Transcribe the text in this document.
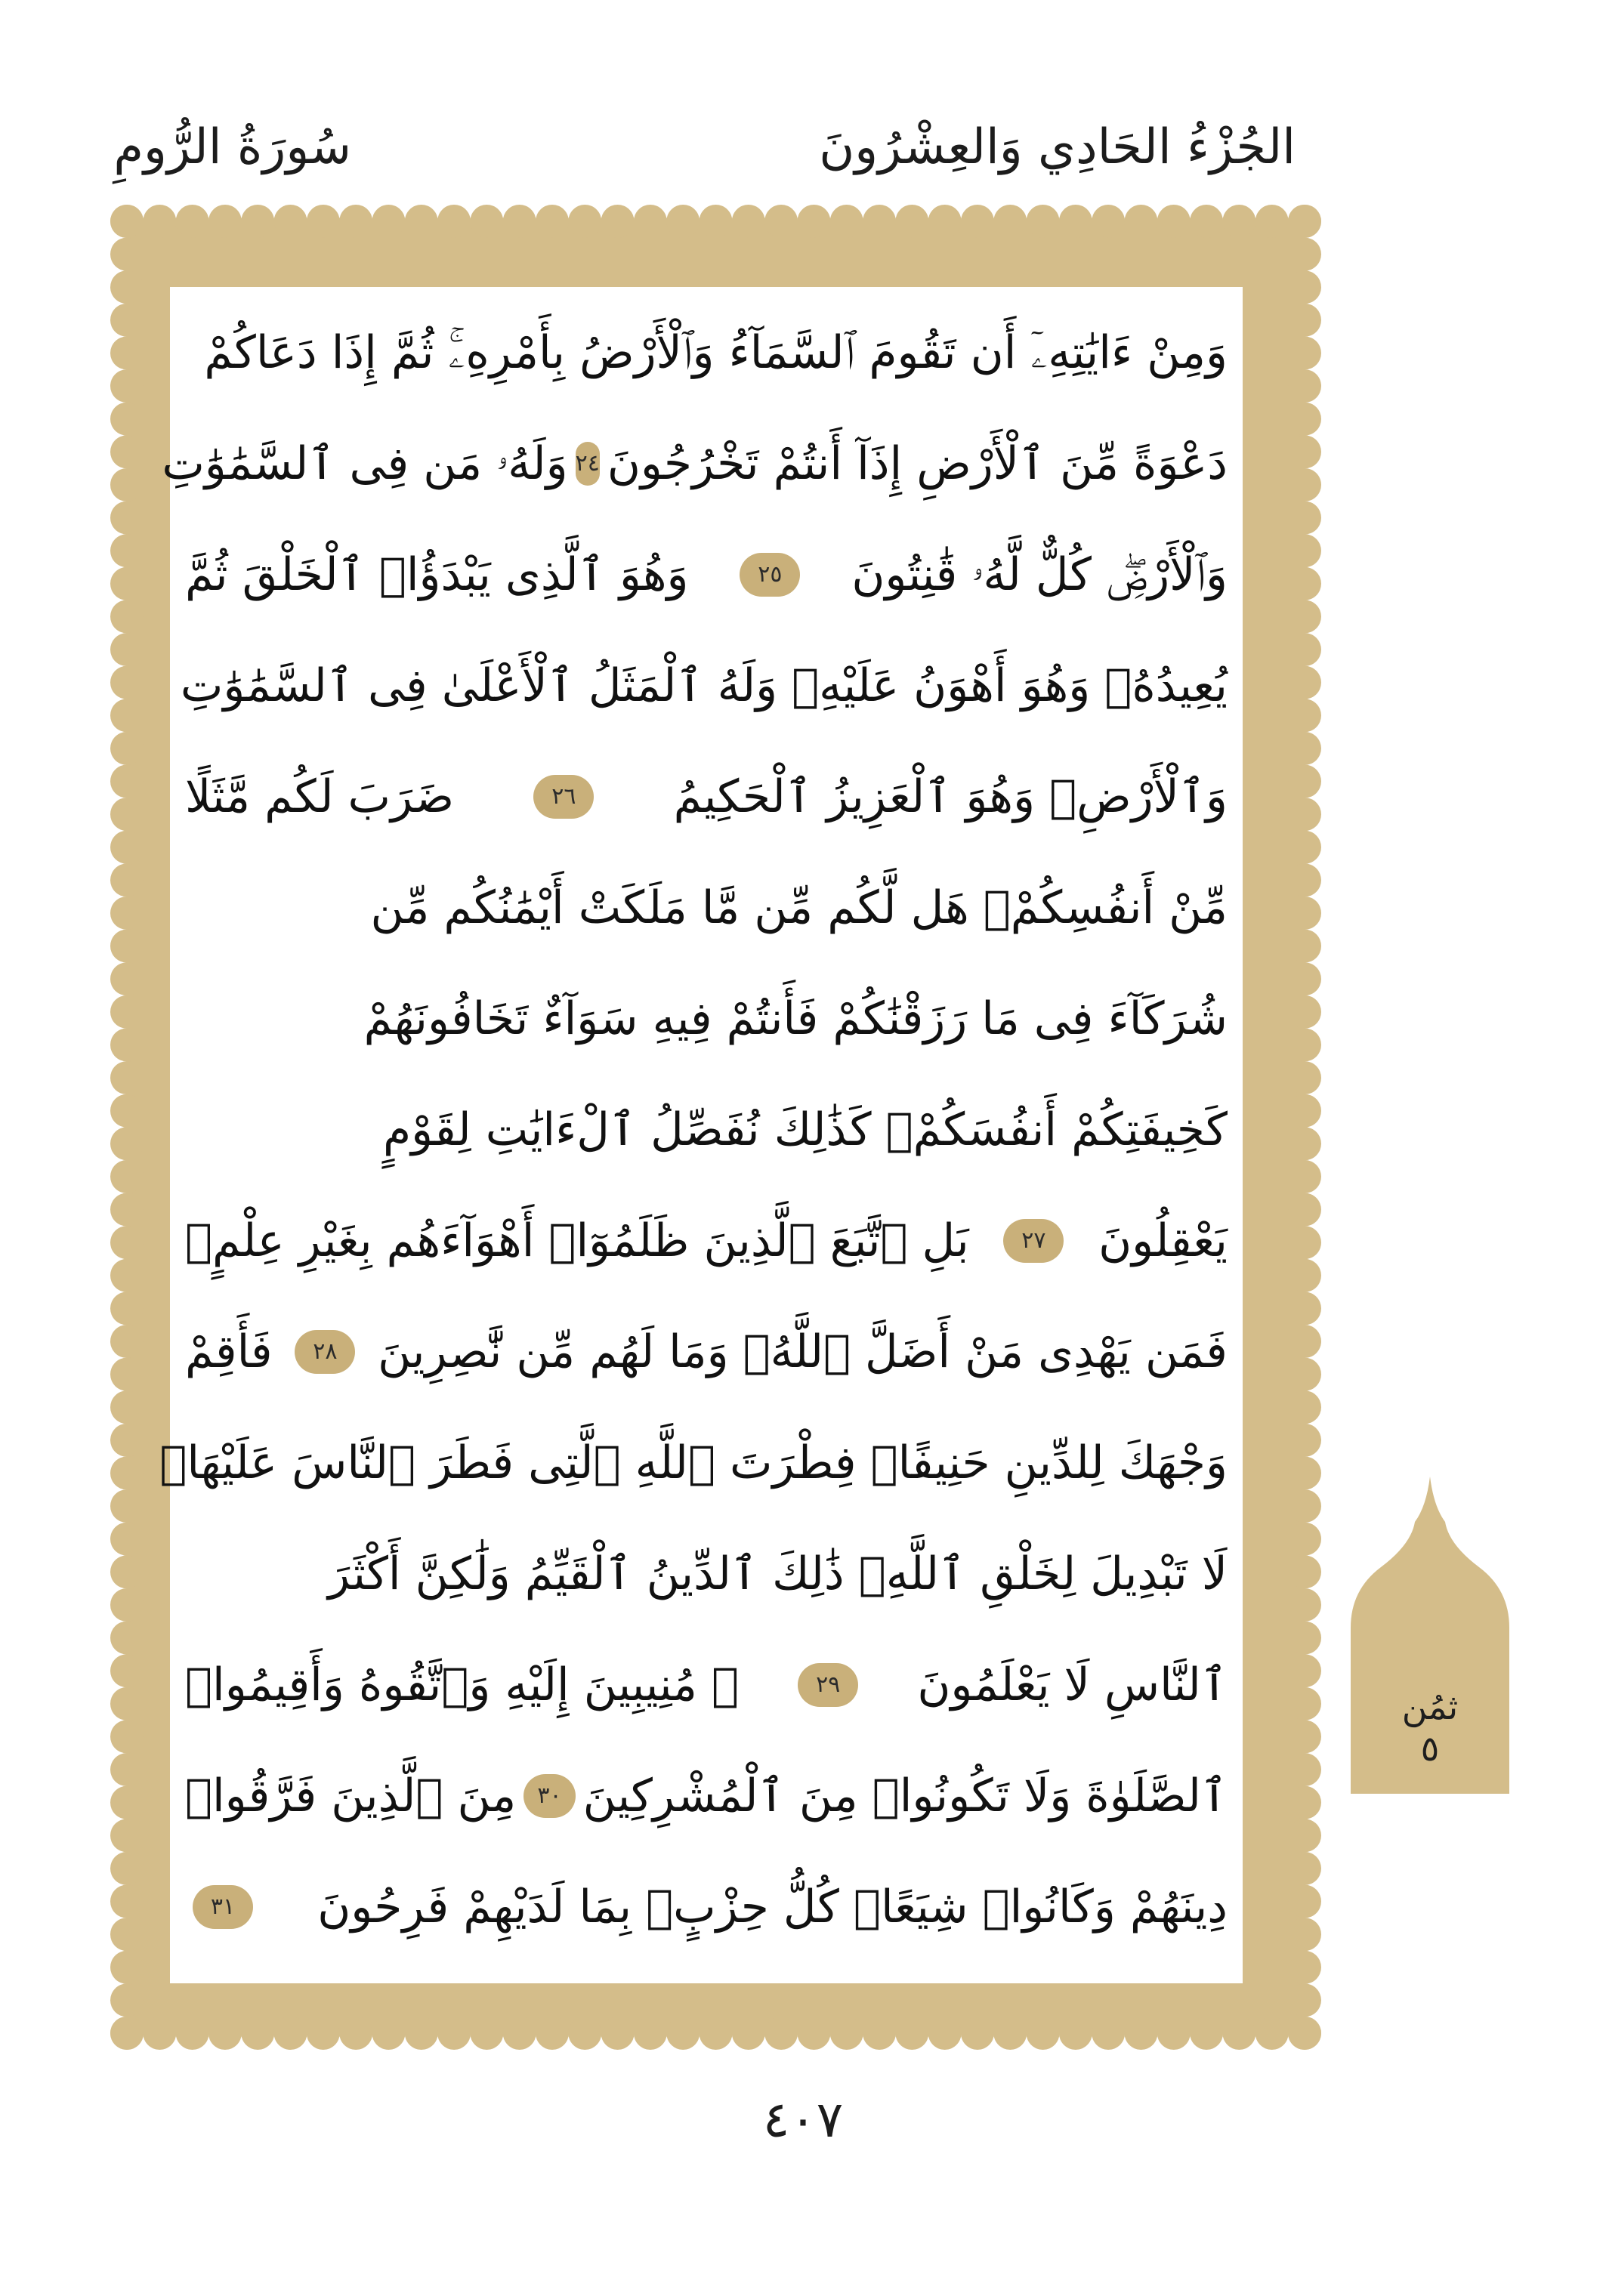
الجُزْءُ الحَادِي وَالعِشْرُونَ
سُورَةُ الرُّومِ
وَمِنْ ءَايَٰتِهِۦٓ أَن تَقُومَ ٱلسَّمَآءُ وَٱلْأَرْضُ بِأَمْرِهِۦۚ ثُمَّ إِذَا دَعَاكُمْ
دَعْوَةً مِّنَ ٱلْأَرْضِ إِذَآ أَنتُمْ تَخْرُجُونَ
٢٤
وَلَهُۥ مَن فِى ٱلسَّمَٰوَٰتِ
وَٱلْأَرْضِۖ كُلٌّ لَّهُۥ قَٰنِتُونَ
٢٥
وَهُوَ ٱلَّذِى يَبْدَؤُا۟ ٱلْخَلْقَ ثُمَّ
يُعِيدُهُۥ وَهُوَ أَهْوَنُ عَلَيْهِۚ وَلَهُ ٱلْمَثَلُ ٱلْأَعْلَىٰ فِى ٱلسَّمَٰوَٰتِ
وَٱلْأَرْضِۚ وَهُوَ ٱلْعَزِيزُ ٱلْحَكِيمُ
٢٦
ضَرَبَ لَكُم مَّثَلًا
مِّنْ أَنفُسِكُمْۖ هَل لَّكُم مِّن مَّا مَلَكَتْ أَيْمَٰنُكُم مِّن
شُرَكَآءَ فِى مَا رَزَقْنَٰكُمْ فَأَنتُمْ فِيهِ سَوَآءٌ تَخَافُونَهُمْ
كَخِيفَتِكُمْ أَنفُسَكُمْۚ كَذَٰلِكَ نُفَصِّلُ ٱلْءَايَٰتِ لِقَوْمٍ
يَعْقِلُونَ
٢٧
بَلِ ٱتَّبَعَ ٱلَّذِينَ ظَلَمُوٓا۟ أَهْوَآءَهُم بِغَيْرِ عِلْمٍۖ
فَمَن يَهْدِى مَنْ أَضَلَّ ٱللَّهُۖ وَمَا لَهُم مِّن نَّٰصِرِينَ
٢٨
فَأَقِمْ
وَجْهَكَ لِلدِّينِ حَنِيفًاۚ فِطْرَتَ ٱللَّهِ ٱلَّتِى فَطَرَ ٱلنَّاسَ عَلَيْهَاۚ
لَا تَبْدِيلَ لِخَلْقِ ٱللَّهِۚ ذَٰلِكَ ٱلدِّينُ ٱلْقَيِّمُ وَلَٰكِنَّ أَكْثَرَ
ٱلنَّاسِ لَا يَعْلَمُونَ
٢٩
۞ مُنِيبِينَ إِلَيْهِ وَٱتَّقُوهُ وَأَقِيمُوا۟
ٱلصَّلَوٰةَ وَلَا تَكُونُوا۟ مِنَ ٱلْمُشْرِكِينَ
٣٠
مِنَ ٱلَّذِينَ فَرَّقُوا۟
دِينَهُمْ وَكَانُوا۟ شِيَعًاۖ كُلُّ حِزْبٍۭ بِمَا لَدَيْهِمْ فَرِحُونَ
٣١
ثمُن
٥
٤٠٧
